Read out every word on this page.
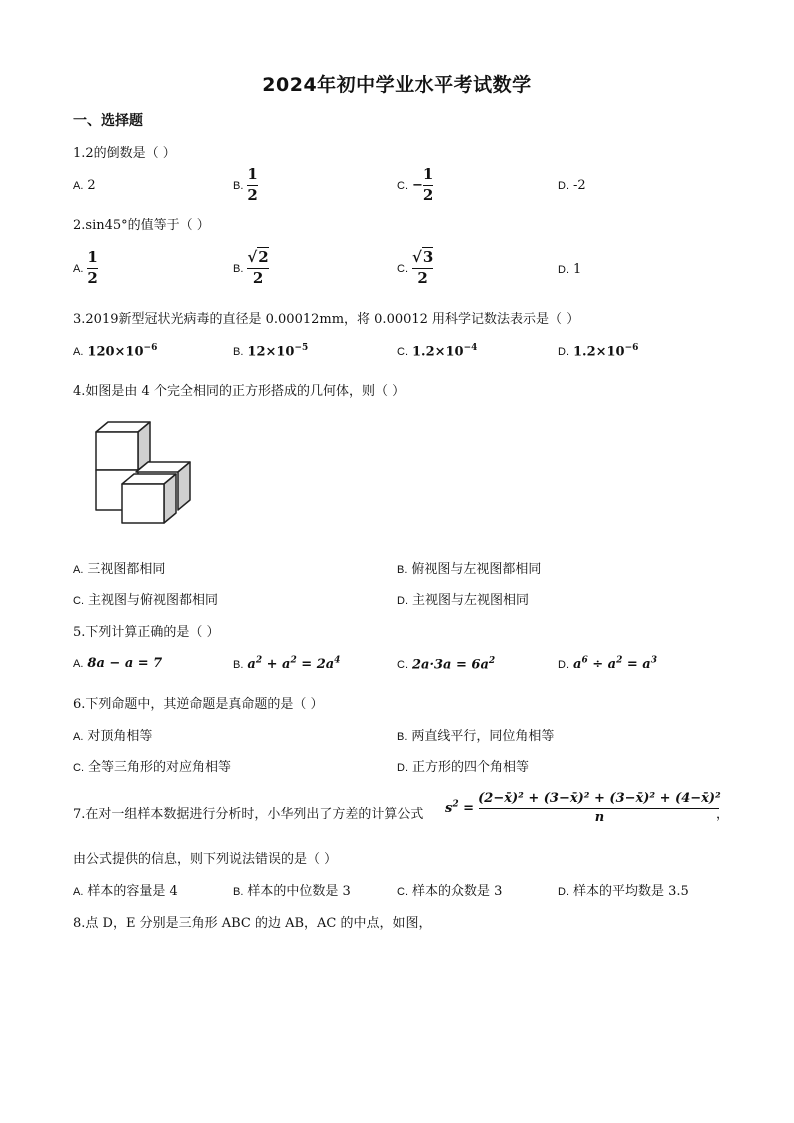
2024年初中学业水平考试数学
一、选择题
1.2的倒数是（ ）
A. 2	B. $\frac{1}{2}$	C. − $\frac{1}{2}$	D. -2
2.sin45°的值等于（ ）
A. $\frac{1}{2}$	B. $\frac{√2}{2}$	C. $\frac{√3}{2}$	D. 1
3.2019新型冠状光病毒的直径是 0.00012mm，将 0.00012 用科学记数法表示是（ ）
A. $120\times 10^{-6}$	B. $12\times 10^{-5}$	C. $1.2\times 10^{-4}$	D. $1.2\times 10^{-6}$
4.如图是由 4 个完全相同的正方形搭成的几何体，则（ ）
A. 三视图都相同	B. 俯视图与左视图都相同
C. 主视图与俯视图都相同	D. 主视图与左视图相同
5.下列计算正确的是（ ）
A. 8a − a = 7	B. $a^2 + a^2 = 2a^4$	C. $2a\cdot 3a = 6a^2$	D. $a^6 \div a^2 = a^3$
6.下列命题中，其逆命题是真命题的是（ ）
A. 对顶角相等	B. 两直线平行，同位角相等
C. 全等三角形的对应角相等	D. 正方形的四个角相等
7.在对一组样本数据进行分析时，小华列出了方差的计算公式 $s^2 = \frac{\text{(2−x̄)² + (3−x̄)² + (3−x̄)² + (4−x̄)²}}{n}$
，
由公式提供的信息，则下列说法错误的是（ ）
A. 样本的容量是 4	B. 样本的中位数是 3	C. 样本的众数是 3	D. 样本的平均数是 3.5
8.点 D，E 分别是三角形 ABC 的边 AB，AC 的中点，如图，
